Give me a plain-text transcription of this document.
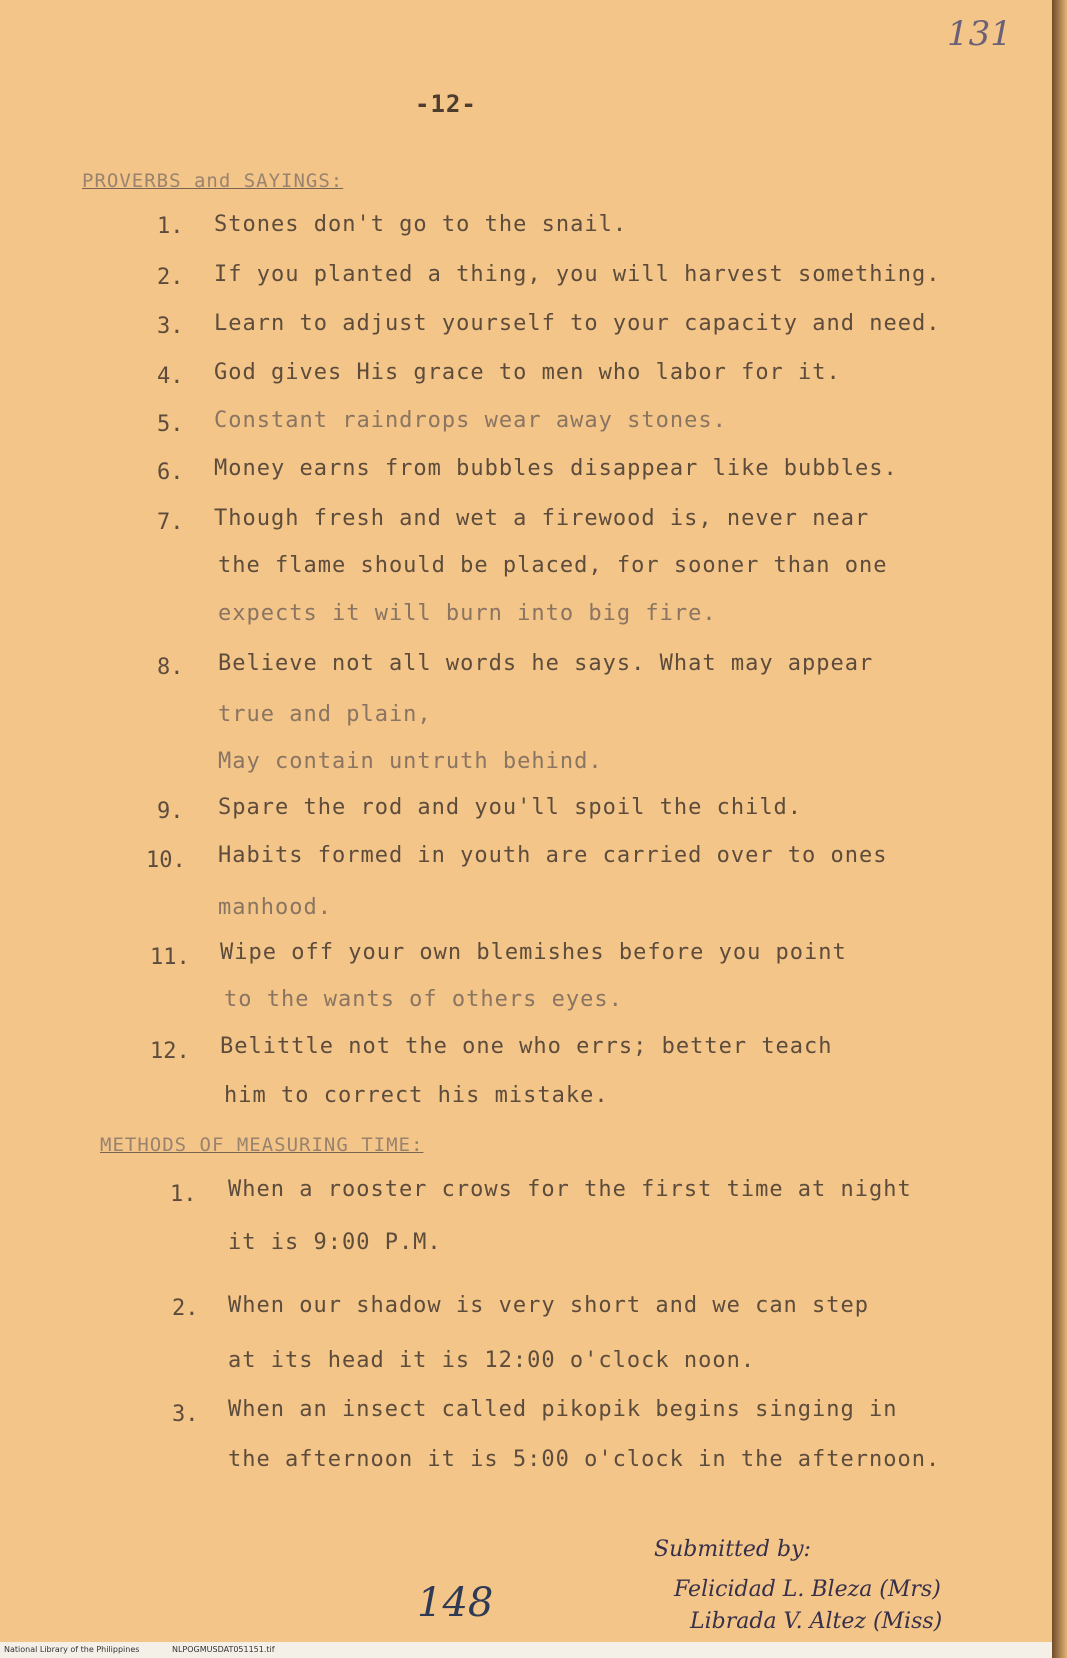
131
-12-
PROVERBS and SAYINGS:
1. Stones don't go to the snail.
2. If you planted a thing, you will harvest something.
3. Learn to adjust yourself to your capacity and need.
4. God gives His grace to men who labor for it.
5. Constant raindrops wear away stones.
6. Money earns from bubbles disappear like bubbles.
7. Though fresh and wet a firewood is, never near
the flame should be placed, for sooner than one
expects it will burn into big fire.
8. Believe not all words he says. What may appear
true and plain,
May contain untruth behind.
9. Spare the rod and you'll spoil the child.
10. Habits formed in youth are carried over to ones
manhood.
11. Wipe off your own blemishes before you point
to the wants of others eyes.
12. Belittle not the one who errs; better teach
him to correct his mistake.
METHODS OF MEASURING TIME:
1. When a rooster crows for the first time at night
it is 9:00 P.M.
2. When our shadow is very short and we can step
at its head it is 12:00 o'clock noon.
3. When an insect called pikopik begins singing in
the afternoon it is 5:00 o'clock in the afternoon.
Submitted by:
Felicidad L. Bleza (Mrs)
Librada V. Altez (Miss)
148
National Library of the Philippines	NLPOGMUSDAT051151.tif
